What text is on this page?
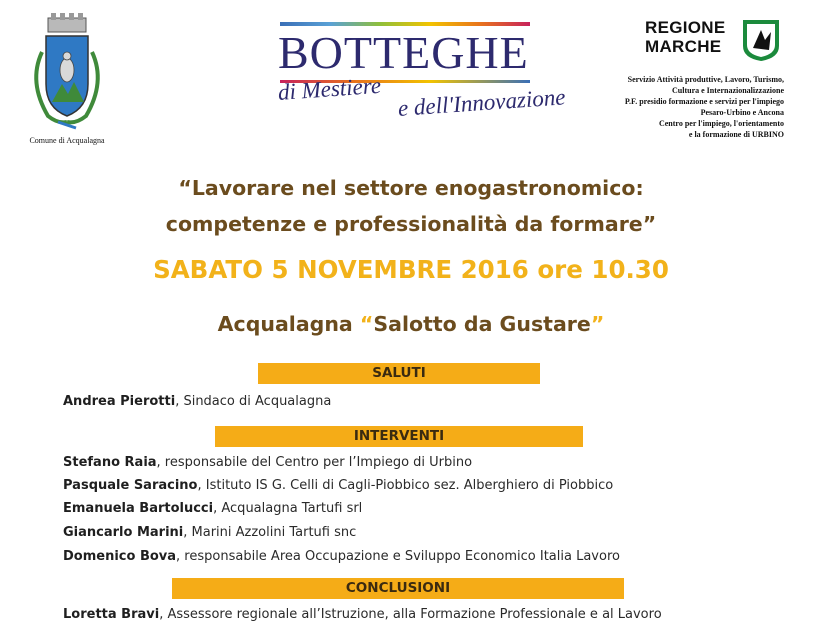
Comune di Acqualagna
BOTTEGHE
di Mestiere e dell'Innovazione
REGIONE
MARCHE
Servizio Attività produttive, Lavoro, Turismo,
Cultura e Internazionalizzazione
P.F. presidio formazione e servizi per l'impiego
Pesaro-Urbino e Ancona
Centro per l'impiego, l'orientamento
e la formazione di URBINO
“Lavorare nel settore enogastronomico:
competenze e professionalità da formare”
SABATO 5 NOVEMBRE 2016 ore 10.30
Acqualagna “Salotto da Gustare”
SALUTI
Andrea Pierotti, Sindaco di Acqualagna
INTERVENTI
Stefano Raia, responsabile del Centro per l’Impiego di Urbino
Pasquale Saracino, Istituto IS G. Celli di Cagli-Piobbico sez. Alberghiero di Piobbico
Emanuela Bartolucci, Acqualagna Tartufi srl
Giancarlo Marini, Marini Azzolini Tartufi snc
Domenico Bova, responsabile Area Occupazione e Sviluppo Economico Italia Lavoro
CONCLUSIONI
Loretta Bravi, Assessore regionale all’Istruzione, alla Formazione Professionale e al Lavoro
